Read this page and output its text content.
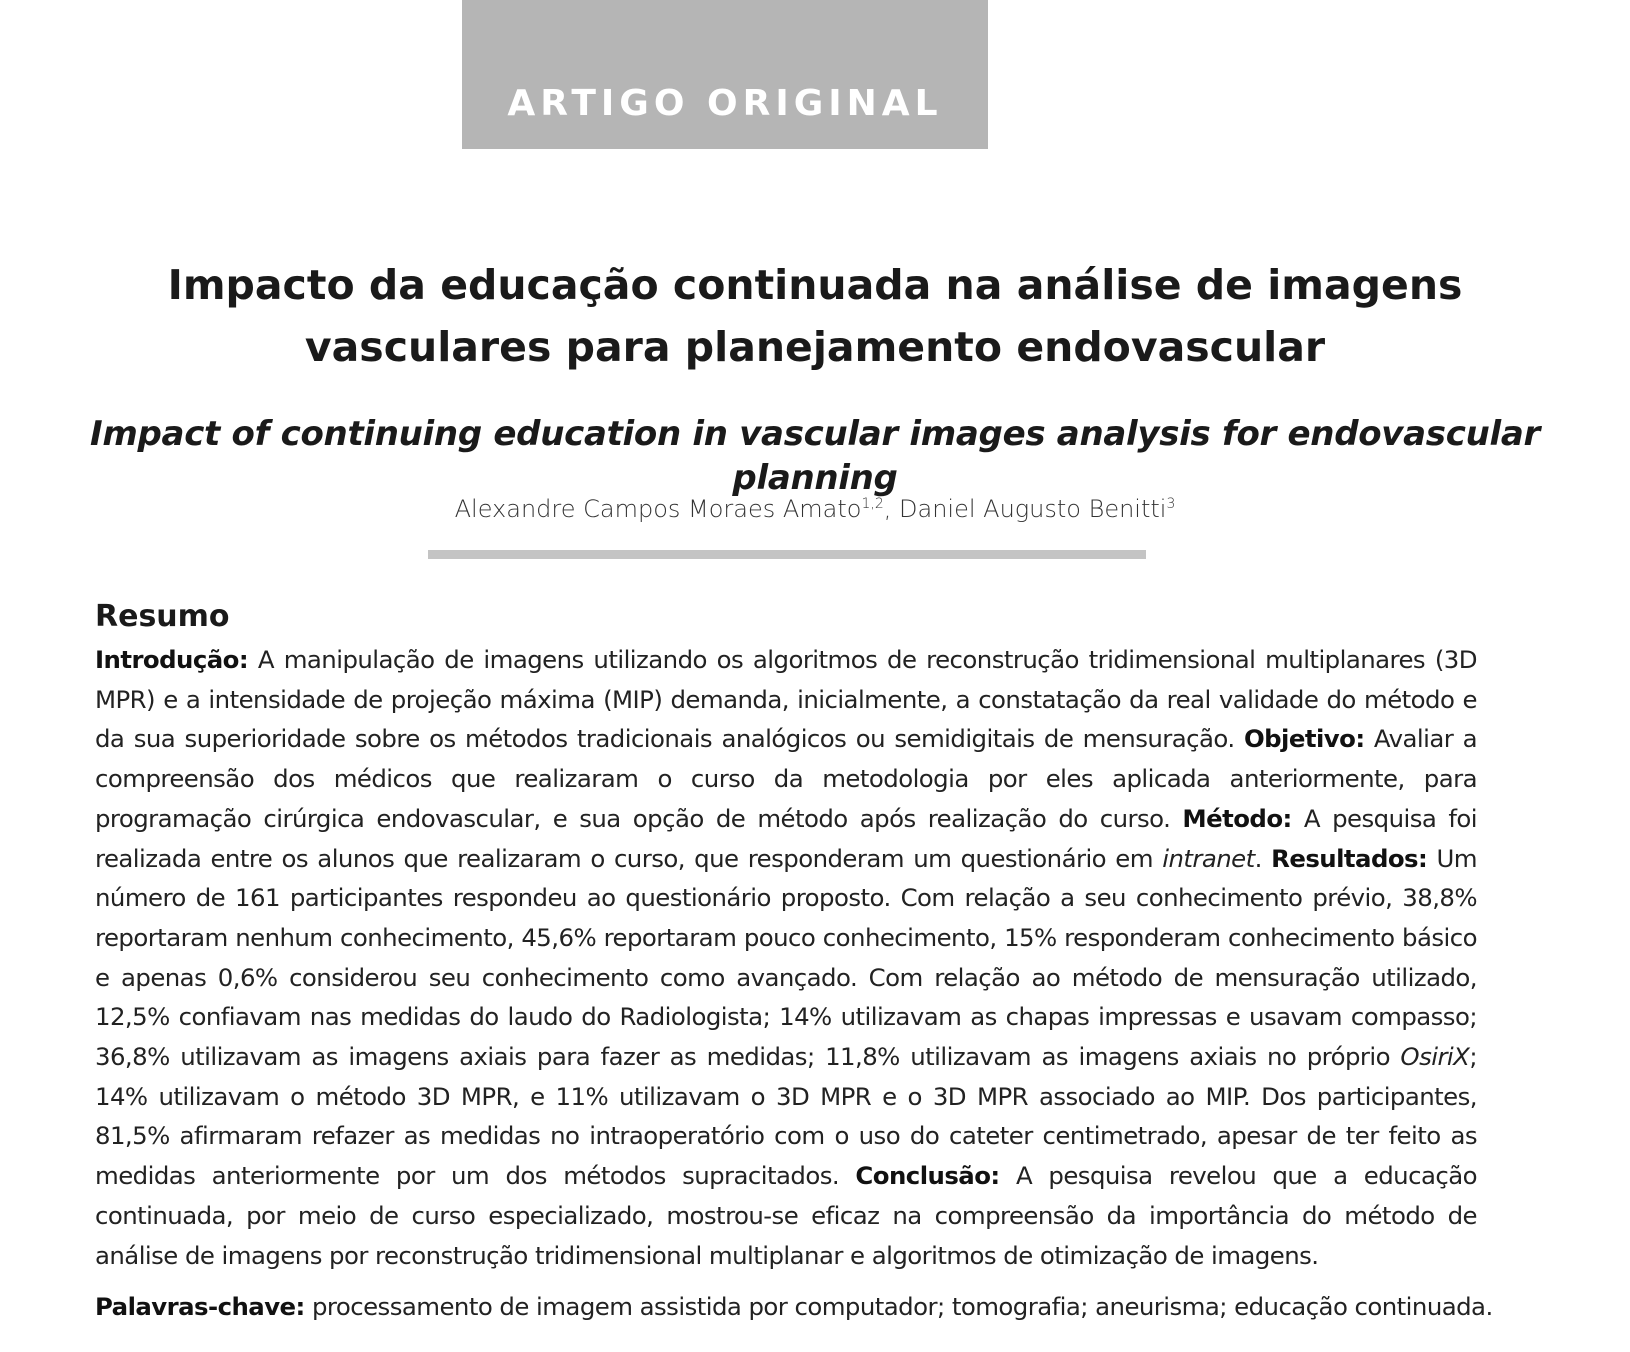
ARTIGO ORIGINAL
Impacto da educação continuada na análise de imagens vasculares para planejamento endovascular
Impact of continuing education in vascular images analysis for endovascular planning
Alexandre Campos Moraes Amato$^{1,2}$, Daniel Augusto Benitti$^3$
Resumo

Introdução: A manipulação de imagens utilizando os algoritmos de reconstrução tridimensional multiplanares (3D MPR) e a intensidade de projeção máxima (MIP) demanda, inicialmente, a constatação da real validade do método e da sua superioridade sobre os métodos tradicionais analógicos ou semidigitais de mensuração. Objetivo: Avaliar a compreensão dos médicos que realizaram o curso da metodologia por eles aplicada anteriormente, para programação cirúrgica endovascular, e sua opção de método após realização do curso. Método: A pesquisa foi realizada entre os alunos que realizaram o curso, que responderam um questionário em intranet. Resultados: Um número de 161 participantes respondeu ao questionário proposto. Com relação a seu conhecimento prévio, 38,8% reportaram nenhum conhecimento, 45,6% reportaram pouco conhecimento, 15% responderam conhecimento básico e apenas 0,6% considerou seu conhecimento como avançado. Com relação ao método de mensuração utilizado, 12,5% confiavam nas medidas do laudo do Radiologista; 14% utilizavam as chapas impressas e usavam compasso; 36,8% utilizavam as imagens axiais para fazer as medidas; 11,8% utilizavam as imagens axiais no próprio OsiriX; 14% utilizavam o método 3D MPR, e 11% utilizavam o 3D MPR e o 3D MPR associado ao MIP. Dos participantes, 81,5% afirmaram refazer as medidas no intraoperatório com o uso do cateter centimetrado, apesar de ter feito as medidas anteriormente por um dos métodos supracitados. Conclusão: A pesquisa revelou que a educação continuada, por meio de curso especializado, mostrou-se eficaz na compreensão da importância do método de análise de imagens por reconstrução tridimensional multiplanar e algoritmos de otimização de imagens.

Palavras-chave: processamento de imagem assistida por computador; tomografia; aneurisma; educação continuada.
